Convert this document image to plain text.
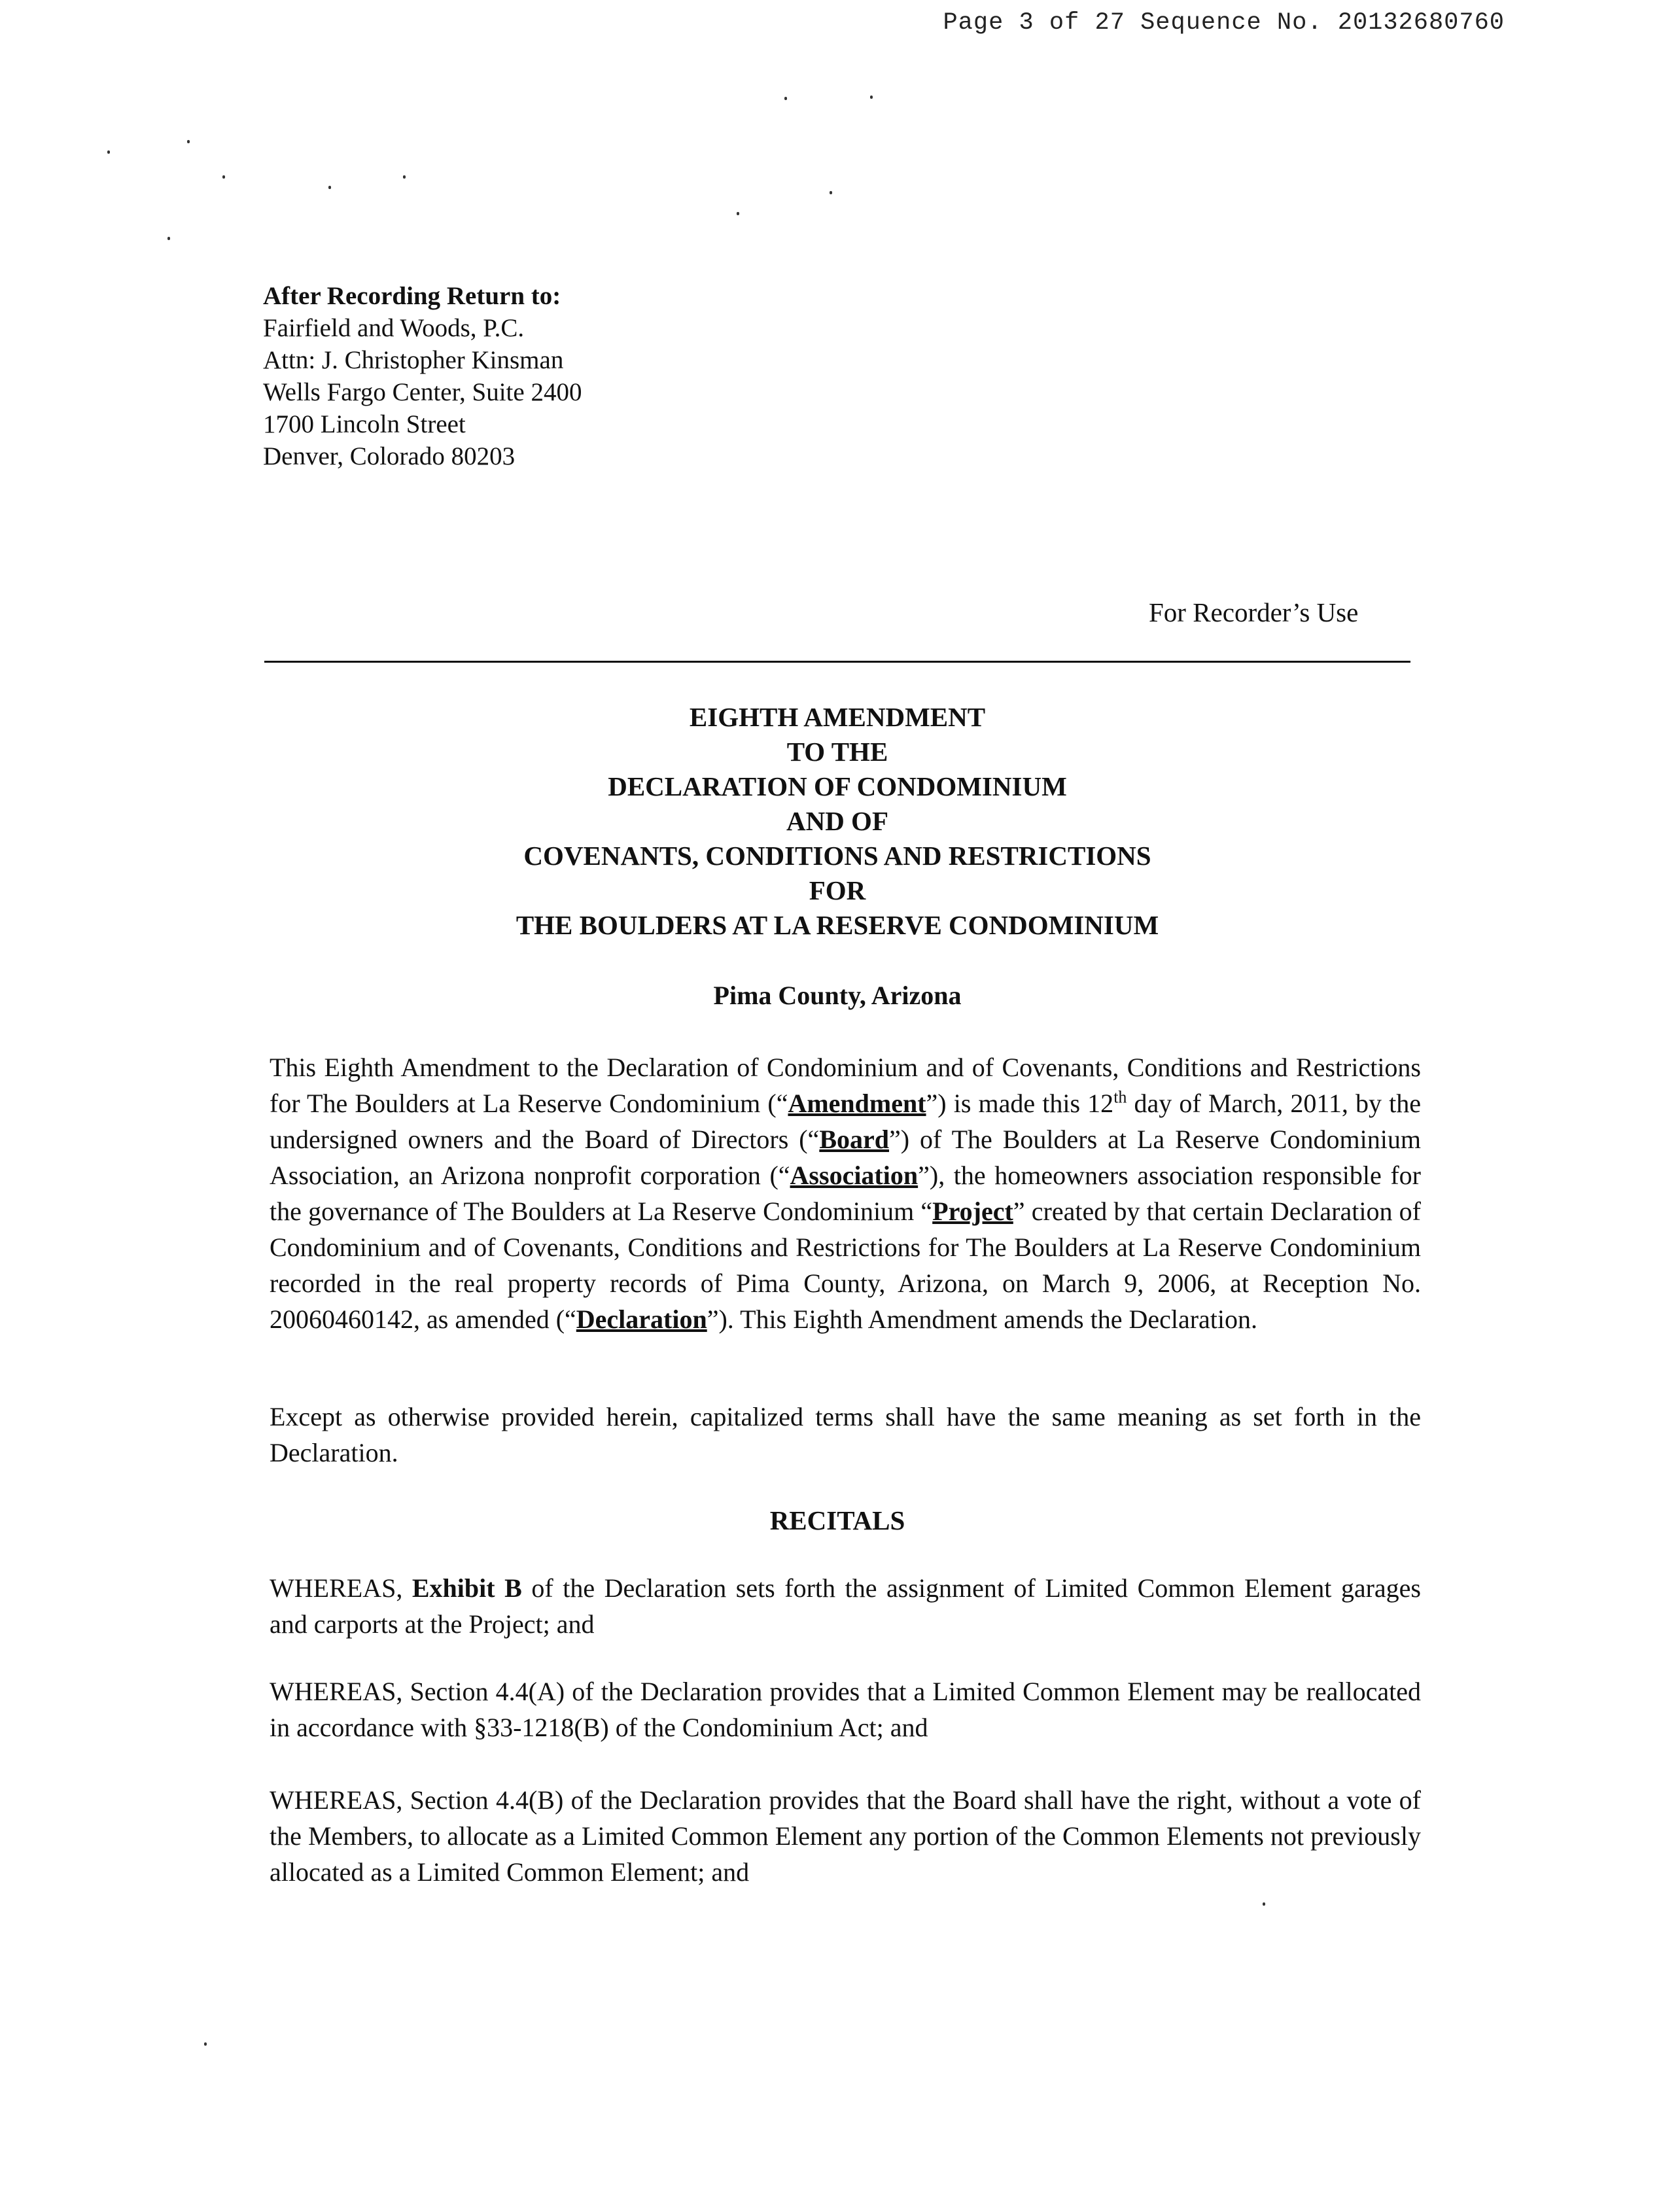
Page 3 of 27 Sequence No. 20132680760
After Recording Return to:
Fairfield and Woods, P.C.
Attn: J. Christopher Kinsman
Wells Fargo Center, Suite 2400
1700 Lincoln Street
Denver, Colorado 80203
For Recorder’s Use
EIGHTH AMENDMENT
TO THE
DECLARATION OF CONDOMINIUM
AND OF
COVENANTS, CONDITIONS AND RESTRICTIONS
FOR
THE BOULDERS AT LA RESERVE CONDOMINIUM
Pima County, Arizona
This Eighth Amendment to the Declaration of Condominium and of Covenants, Conditions and Restrictions for The Boulders at La Reserve Condominium (“Amendment”) is made this 12th day of March, 2011, by the undersigned owners and the Board of Directors (“Board”) of The Boulders at La Reserve Condominium Association, an Arizona nonprofit corporation (“Association”), the homeowners association responsible for the governance of The Boulders at La Reserve Condominium “Project” created by that certain Declaration of Condominium and of Covenants, Conditions and Restrictions for The Boulders at La Reserve Condominium recorded in the real property records of Pima County, Arizona, on March 9, 2006, at Reception No. 20060460142, as amended (“Declaration”). This Eighth Amendment amends the Declaration.
Except as otherwise provided herein, capitalized terms shall have the same meaning as set forth in the Declaration.
RECITALS
WHEREAS, Exhibit B of the Declaration sets forth the assignment of Limited Common Element garages and carports at the Project; and
WHEREAS, Section 4.4(A) of the Declaration provides that a Limited Common Element may be reallocated in accordance with §33-1218(B) of the Condominium Act; and
WHEREAS, Section 4.4(B) of the Declaration provides that the Board shall have the right, without a vote of the Members, to allocate as a Limited Common Element any portion of the Common Elements not previously allocated as a Limited Common Element; and
